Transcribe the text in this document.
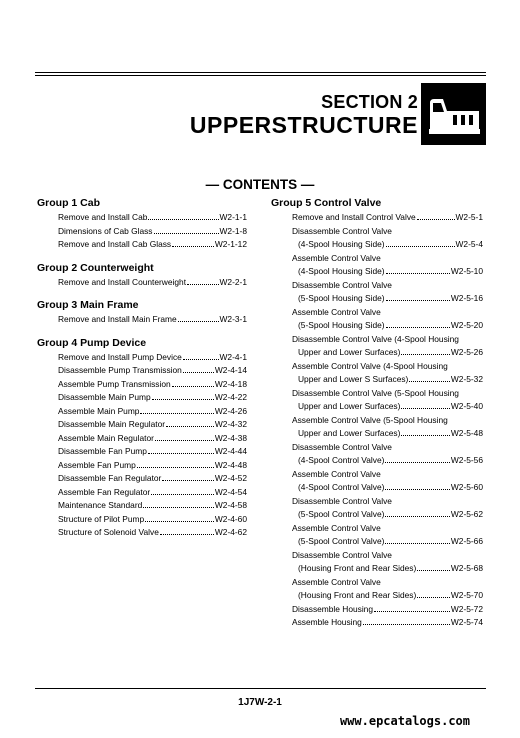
SECTION 2
UPPERSTRUCTURE
— CONTENTS —
Group 1 Cab
Remove and Install Cab	W2-1-1
Dimensions of Cab Glass	W2-1-8
Remove and Install Cab Glass	W2-1-12
Group 2 Counterweight
Remove and Install Counterweight	W2-2-1
Group 3 Main Frame
Remove and Install Main Frame	W2-3-1
Group 4 Pump Device
Remove and Install Pump Device	W2-4-1
Disassemble Pump Transmission	W2-4-14
Assemble Pump Transmission	W2-4-18
Disassemble Main Pump	W2-4-22
Assemble Main Pump	W2-4-26
Disassemble Main Regulator	W2-4-32
Assemble Main Regulator	W2-4-38
Disassemble Fan Pump	W2-4-44
Assemble Fan Pump	W2-4-48
Disassemble Fan Regulator	W2-4-52
Assemble Fan Regulator	W2-4-54
Maintenance Standard	W2-4-58
Structure of Pilot Pump	W2-4-60
Structure of Solenoid Valve	W2-4-62
Group 5 Control Valve
Remove and Install Control Valve	W2-5-1
Disassemble Control Valve
(4-Spool Housing Side)	W2-5-4
Assemble Control Valve
(4-Spool Housing Side)	W2-5-10
Disassemble Control Valve
(5-Spool Housing Side)	W2-5-16
Assemble Control Valve
(5-Spool Housing Side)	W2-5-20
Disassemble Control Valve (4-Spool Housing
Upper and Lower Surfaces)	W2-5-26
Assemble Control Valve (4-Spool Housing
Upper and Lower S Surfaces)	W2-5-32
Disassemble Control Valve (5-Spool Housing
Upper and Lower Surfaces)	W2-5-40
Assemble Control Valve (5-Spool Housing
Upper and Lower Surfaces)	W2-5-48
Disassemble Control Valve
(4-Spool Control Valve)	W2-5-56
Assemble Control Valve
(4-Spool Control Valve)	W2-5-60
Disassemble Control Valve
(5-Spool Control Valve)	W2-5-62
Assemble Control Valve
(5-Spool Control Valve)	W2-5-66
Disassemble Control Valve
(Housing Front and Rear Sides)	W2-5-68
Assemble Control Valve
(Housing Front and Rear Sides)	W2-5-70
Disassemble Housing	W2-5-72
Assemble Housing	W2-5-74
1J7W-2-1
www.epcatalogs.com
